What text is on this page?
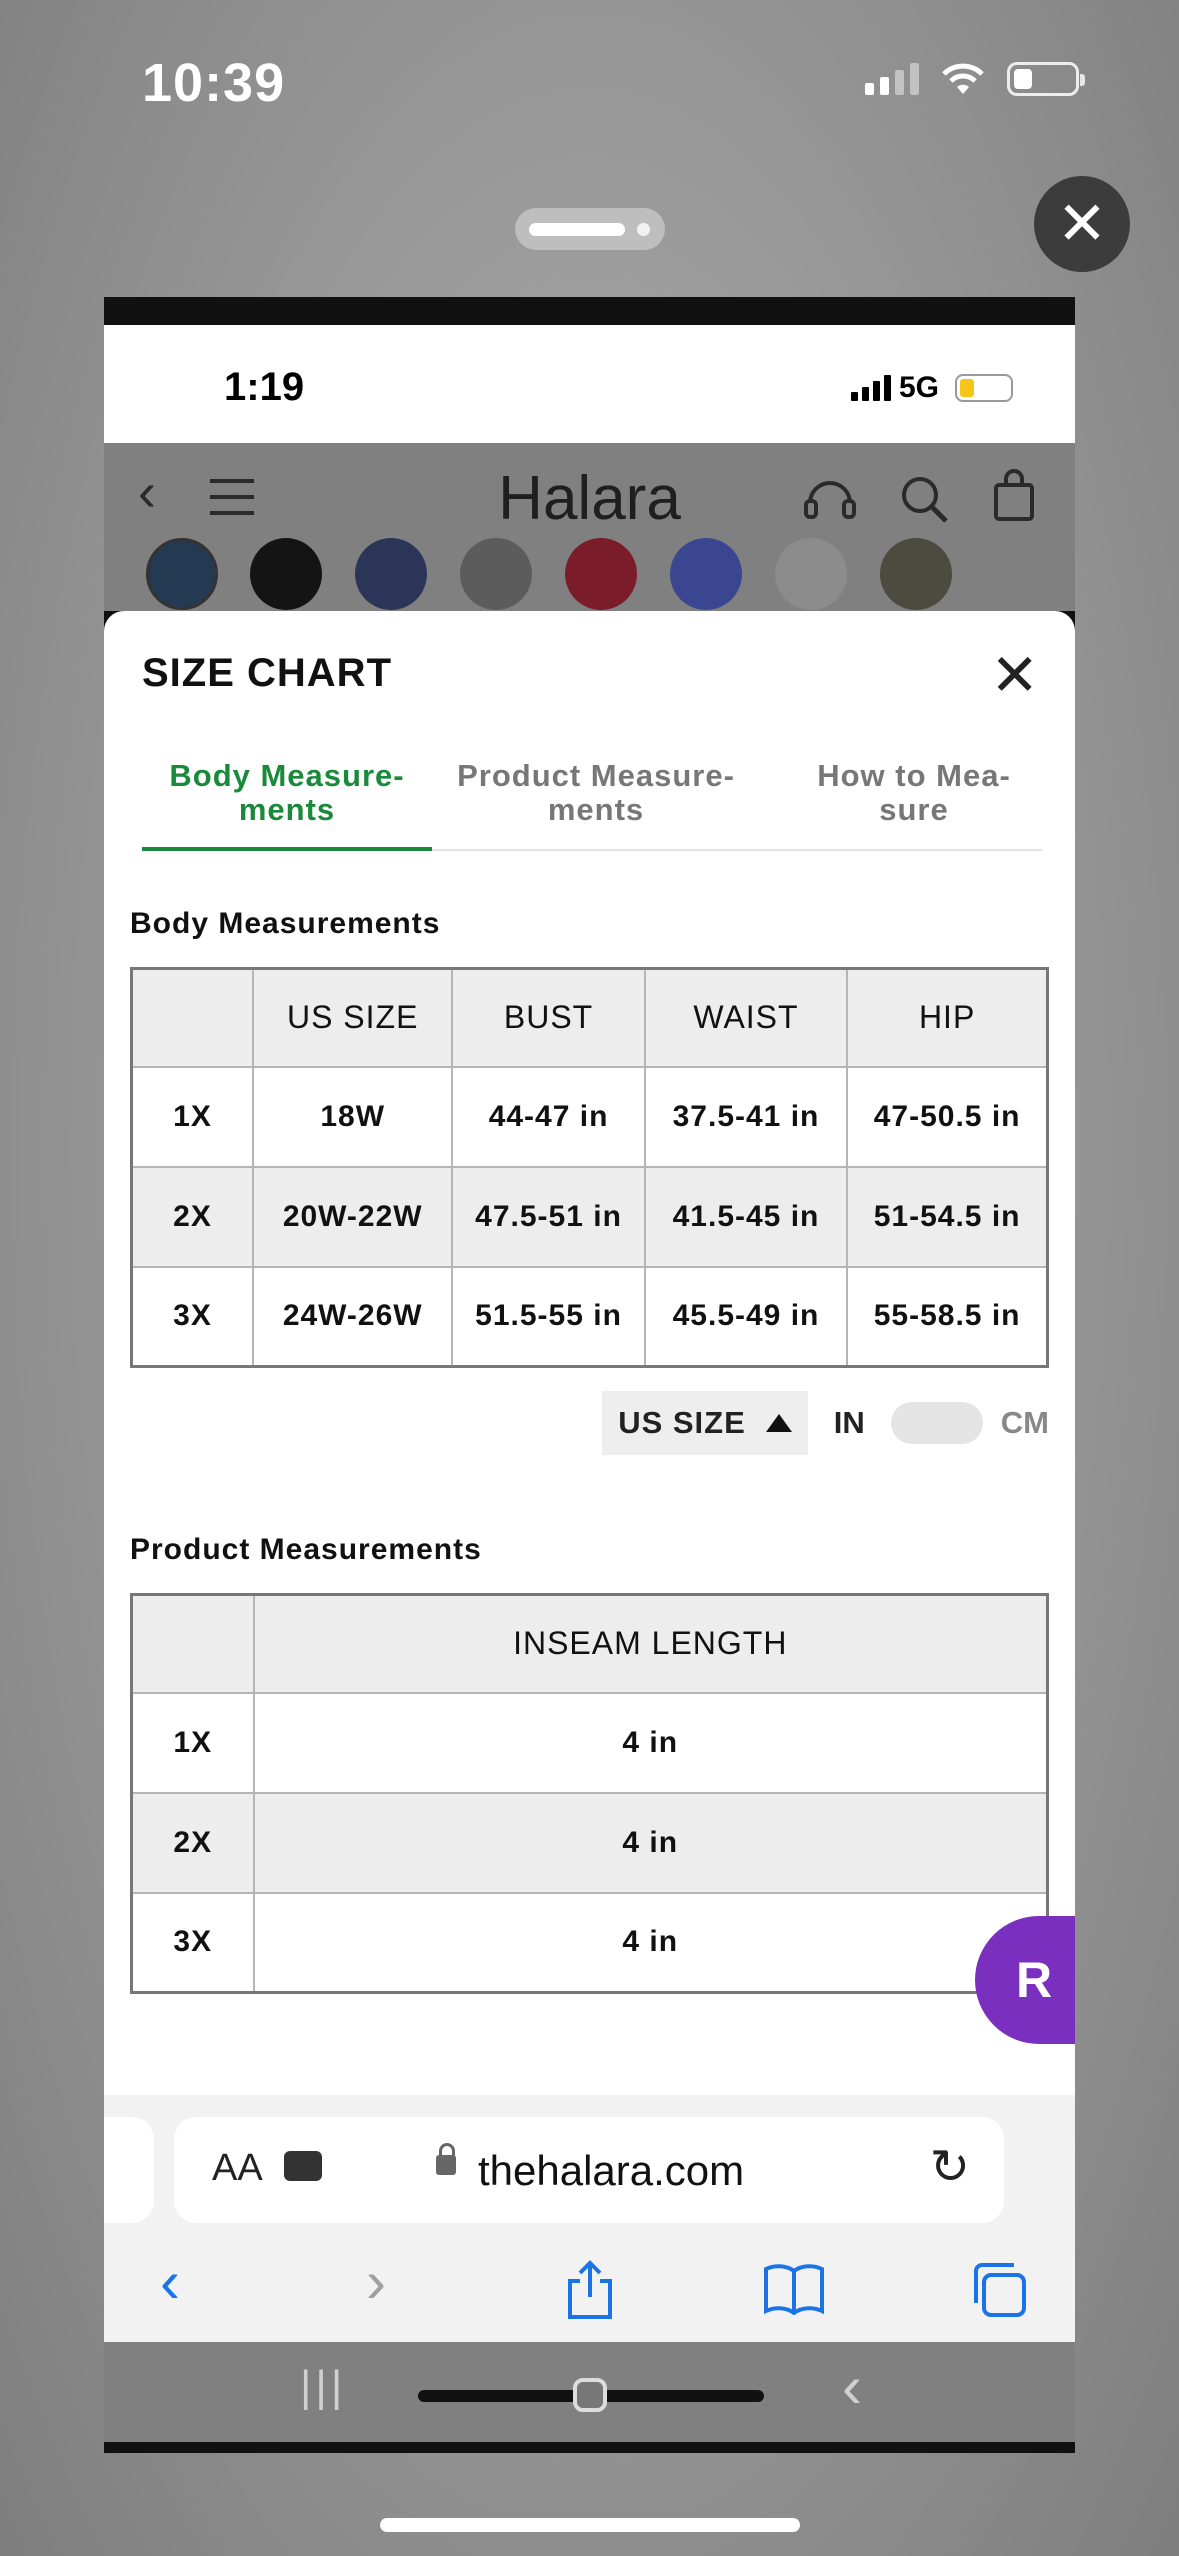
10:39
✕
1:19	5G
‹	Halara
SIZE CHART	✕
Body Measure-
ments
Product Measure-
ments
How to Mea-
sure
Body Measurements
	US SIZE	BUST	WAIST	HIP
1X	18W	44-47 in	37.5-41 in	47-50.5 in
2X	20W-22W	47.5-51 in	41.5-45 in	51-54.5 in
3X	24W-26W	51.5-55 in	45.5-49 in	55-58.5 in
US SIZE	IN	CM
Product Measurements
	INSEAM LENGTH
1X	4 in
2X	4 in
3X	4 in
R
AA	thehalara.com	↻
‹	›
|||	‹
